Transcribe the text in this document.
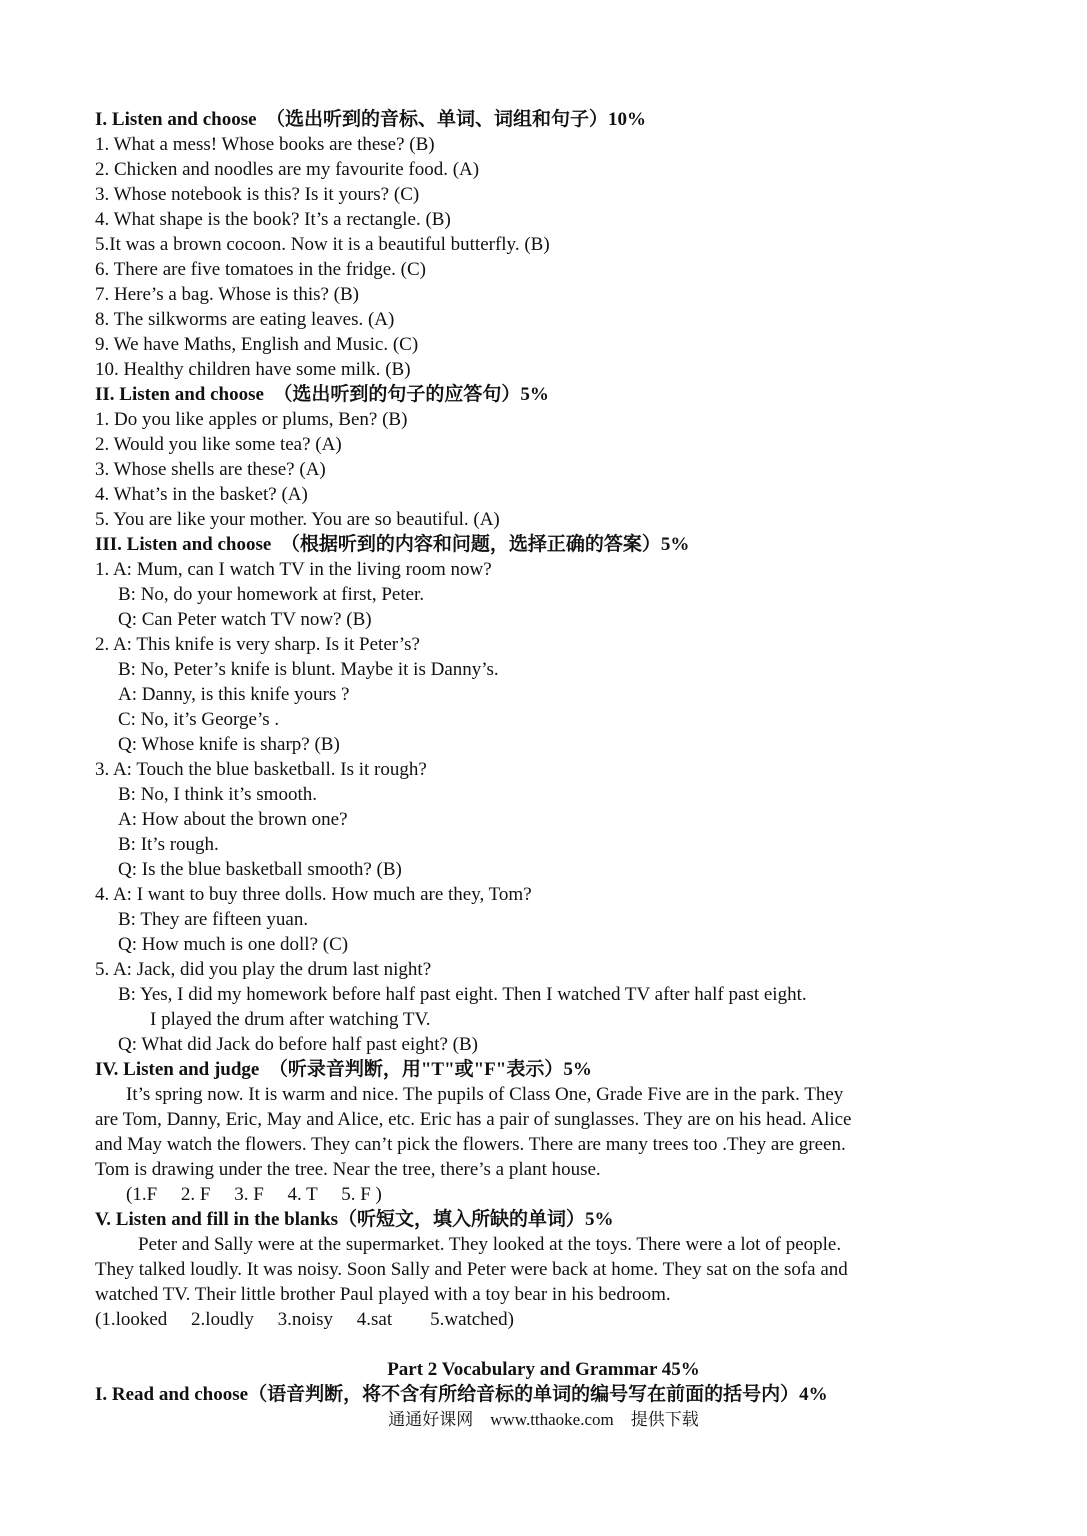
I. Listen and choose　（选出听到的音标、单词、词组和句子）10%
1. What a mess! Whose books are these? (B)
2. Chicken and noodles are my favourite food. (A)
3. Whose notebook is this? Is it yours? (C)
4. What shape is the book? It’s a rectangle. (B)
5.It was a brown cocoon. Now it is a beautiful butterfly. (B)
6. There are five tomatoes in the fridge. (C)
7. Here’s a bag. Whose is this? (B)
8. The silkworms are eating leaves. (A)
9. We have Maths, English and Music. (C)
10. Healthy children have some milk. (B)
II. Listen and choose　（选出听到的句子的应答句）5%
1. Do you like apples or plums, Ben? (B)
2. Would you like some tea? (A)
3. Whose shells are these? (A)
4. What’s in the basket? (A)
5. You are like your mother. You are so beautiful. (A)
III. Listen and choose　（根据听到的内容和问题，选择正确的答案）5%
1. A: Mum, can I watch TV in the living room now?
B: No, do your homework at first, Peter.
Q: Can Peter watch TV now? (B)
2. A: This knife is very sharp. Is it Peter’s?
B: No, Peter’s knife is blunt. Maybe it is Danny’s.
A: Danny, is this knife yours ?
C: No, it’s George’s .
Q: Whose knife is sharp? (B)
3. A: Touch the blue basketball. Is it rough?
B: No, I think it’s smooth.
A: How about the brown one?
B: It’s rough.
Q: Is the blue basketball smooth? (B)
4. A: I want to buy three dolls. How much are they, Tom?
B: They are fifteen yuan.
Q: How much is one doll? (C)
5. A: Jack, did you play the drum last night?
B: Yes, I did my homework before half past eight. Then I watched TV after half past eight.
I played the drum after watching TV.
Q: What did Jack do before half past eight? (B)
IV. Listen and judge　（听录音判断，用"T"或"F"表示）5%
It’s spring now. It is warm and nice. The pupils of Class One, Grade Five are in the park. They
are Tom, Danny, Eric, May and Alice, etc. Eric has a pair of sunglasses. They are on his head. Alice
and May watch the flowers. They can’t pick the flowers. There are many trees too .They are green.
Tom is drawing under the tree. Near the tree, there’s a plant house.
(1.F　 2. F　 3. F　 4. T　 5. F )
V. Listen and fill in the blanks（听短文，填入所缺的单词）5%
Peter and Sally were at the supermarket. They looked at the toys. There were a lot of people.
They talked loudly. It was noisy. Soon Sally and Peter were back at home. They sat on the sofa and
watched TV. Their little brother Paul played with a toy bear in his bedroom.
(1.looked　 2.loudly　 3.noisy　 4.sat　　5.watched)
Part 2 Vocabulary and Grammar 45%
I. Read and choose（语音判断，将不含有所给音标的单词的编号写在前面的括号内）4%
通通好课网　www.tthaoke.com　提供下载
